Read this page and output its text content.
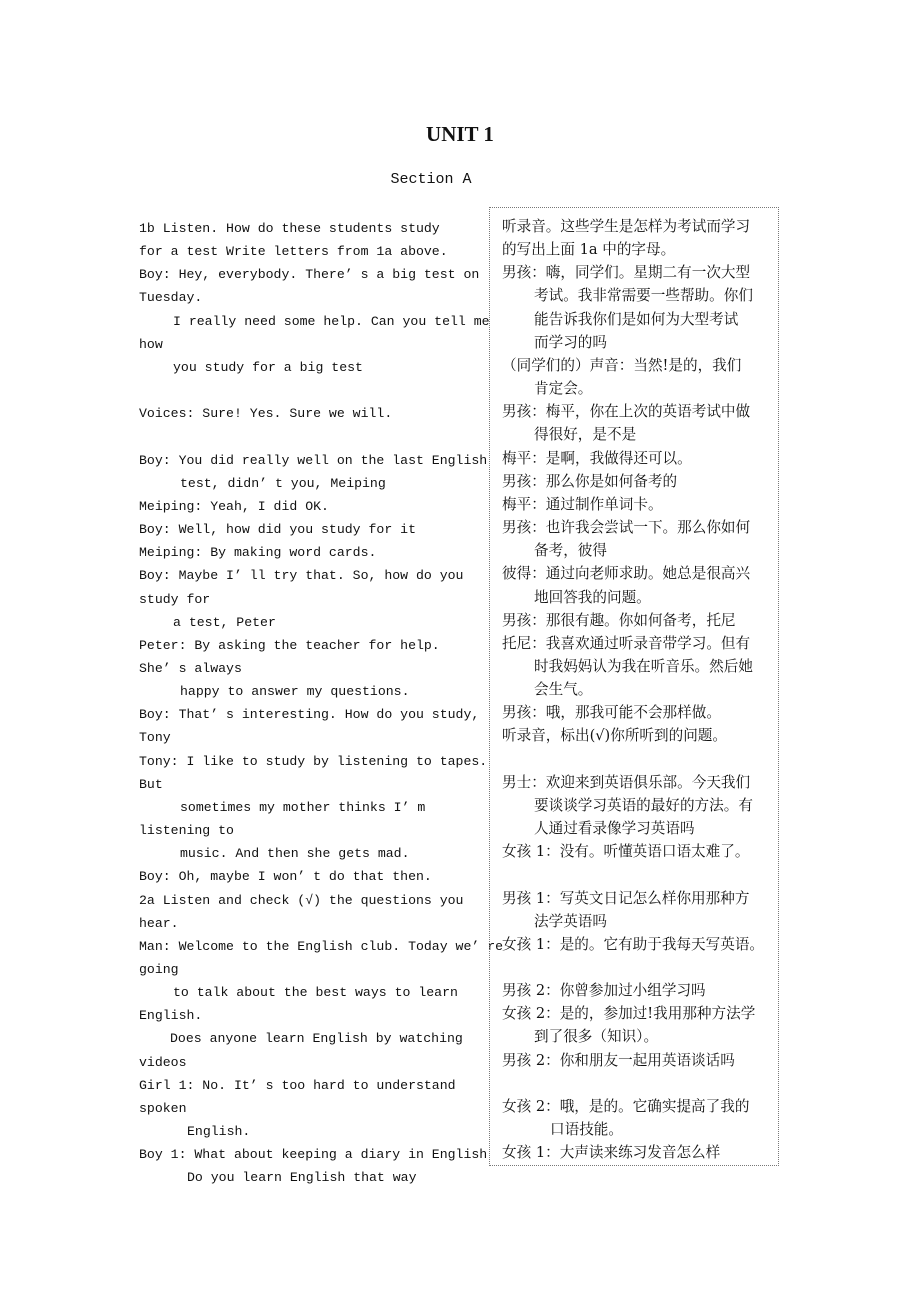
UNIT 1
Section A
1b Listen. How do these students study
for a test Write letters from 1a above.
Boy: Hey, everybody. There’ s a big test on
Tuesday.
I really need some help. Can you tell me
how
you study for a big test
Voices: Sure! Yes. Sure we will.
Boy: You did really well on the last English
test, didn’ t you, Meiping
Meiping: Yeah, I did OK.
Boy: Well, how did you study for it
Meiping: By making word cards.
Boy: Maybe I’ ll try that. So, how do you
study for
a test, Peter
Peter: By asking the teacher for help.
She’ s always
happy to answer my questions.
Boy: That’ s interesting. How do you study,
Tony
Tony: I like to study by listening to tapes.
But
sometimes my mother thinks I’ m
listening to
music. And then she gets mad.
Boy: Oh, maybe I won’ t do that then.
2a Listen and check (√) the questions you
hear.
Man: Welcome to the English club. Today we’ re
going
to talk about the best ways to learn
English.
Does anyone learn English by watching
videos
Girl 1: No. It’ s too hard to understand
spoken
English.
Boy 1: What about keeping a diary in English
Do you learn English that way
听录音。这些学生是怎样为考试而学习
的写出上面 1a 中的字母。
男孩：嗨，同学们。星期二有一次大型
考试。我非常需要一些帮助。你们
能告诉我你们是如何为大型考试
而学习的吗
（同学们的）声音：当然!是的，我们
肯定会。
男孩：梅平，你在上次的英语考试中做
得很好，是不是
梅平：是啊，我做得还可以。
男孩：那么你是如何备考的
梅平：通过制作单词卡。
男孩：也许我会尝试一下。那么你如何
备考，彼得
彼得：通过向老师求助。她总是很高兴
地回答我的问题。
男孩：那很有趣。你如何备考，托尼
托尼：我喜欢通过听录音带学习。但有
时我妈妈认为我在听音乐。然后她
会生气。
男孩：哦，那我可能不会那样做。
听录音，标出(√)你所听到的问题。
男士：欢迎来到英语俱乐部。今天我们
要谈谈学习英语的最好的方法。有
人通过看录像学习英语吗
女孩 1：没有。听懂英语口语太难了。
男孩 1：写英文日记怎么样你用那种方
法学英语吗
女孩 1：是的。它有助于我每天写英语。
男孩 2：你曾参加过小组学习吗
女孩 2：是的，参加过!我用那种方法学
到了很多（知识）。
男孩 2：你和朋友一起用英语谈话吗
女孩 2：哦，是的。它确实提高了我的
口语技能。
女孩 1：大声读来练习发音怎么样
